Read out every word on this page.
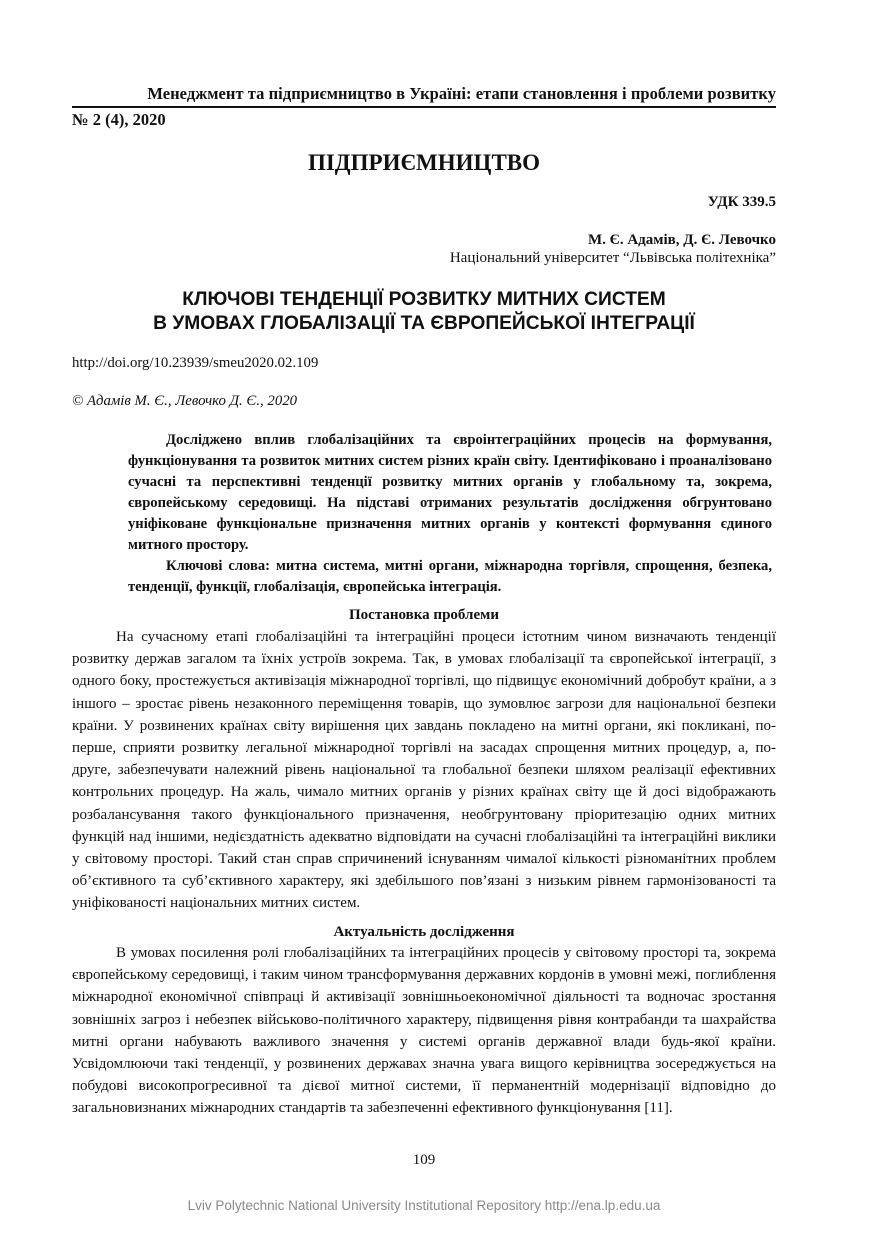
Менеджмент та підприємництво в Україні: етапи становлення і проблеми розвитку
№ 2 (4), 2020
ПІДПРИЄМНИЦТВО
УДК 339.5
М. Є. Адамів, Д. Є. Левочко
Національний університет “Львівська політехніка”
КЛЮЧОВІ ТЕНДЕНЦІЇ РОЗВИТКУ МИТНИХ СИСТЕМ
В УМОВАХ ГЛОБАЛІЗАЦІЇ ТА ЄВРОПЕЙСЬКОЇ ІНТЕГРАЦІЇ
http://doi.org/10.23939/smeu2020.02.109
© Адамів М. Є., Левочко Д. Є., 2020

Досліджено вплив глобалізаційних та євроінтеграційних процесів на формування, функціонування та розвиток митних систем різних країн світу. Ідентифіковано і проаналізовано сучасні та перспективні тенденції розвитку митних органів у глобальному та, зокрема, європейському середовищі. На підставі отриманих результатів дослідження обгрунтовано уніфіковане функціональне призначення митних органів у контексті формування єдиного митного простору.

Ключові слова: митна система, митні органи, міжнародна торгівля, спрощення, безпека, тенденції, функції, глобалізація, європейська інтеграція.

Постановка проблеми

На сучасному етапі глобалізаційні та інтеграційні процеси істотним чином визначають тенденції розвитку держав загалом та їхніх устроїв зокрема. Так, в умовах глобалізації та європейської інтеграції, з одного боку, простежується активізація міжнародної торгівлі, що підвищує економічний добробут країни, а з іншого – зростає рівень незаконного переміщення товарів, що зумовлює загрози для національної безпеки країни. У розвинених країнах світу вирішення цих завдань покладено на митні органи, які покликані, по-перше, сприяти розвитку легальної міжнародної торгівлі на засадах спрощення митних процедур, а, по-друге, забезпечувати належний рівень національної та глобальної безпеки шляхом реалізації ефективних контрольних процедур. На жаль, чимало митних органів у різних країнах світу ще й досі відображають розбалансування такого функціонального призначення, необгрунтовану пріоритезацію одних митних функцій над іншими, недієздатність адекватно відповідати на сучасні глобалізаційні та інтеграційні виклики у світовому просторі. Такий стан справ спричинений існуванням чималої кількості різноманітних проблем об’єктивного та суб’єктивного характеру, які здебільшого пов’язані з низьким рівнем гармонізованості та уніфікованості національних митних систем.

Актуальність дослідження

В умовах посилення ролі глобалізаційних та інтеграційних процесів у світовому просторі та, зокрема європейському середовищі, і таким чином трансформування державних кордонів в умовні межі, поглиблення міжнародної економічної співпраці й активізації зовнішньоекономічної діяльності та водночас зростання зовнішніх загроз і небезпек військово-політичного характеру, підвищення рівня контрабанди та шахрайства митні органи набувають важливого значення у системі органів державної влади будь-якої країни. Усвідомлюючи такі тенденції, у розвинених державах значна увага вищого керівництва зосереджується на побудові високопрогресивної та дієвої митної системи, її перманентній модернізації відповідно до загальновизнаних міжнародних стандартів та забезпеченні ефективного функціонування [11].

109
Lviv Polytechnic National University Institutional Repository http://ena.lp.edu.ua
